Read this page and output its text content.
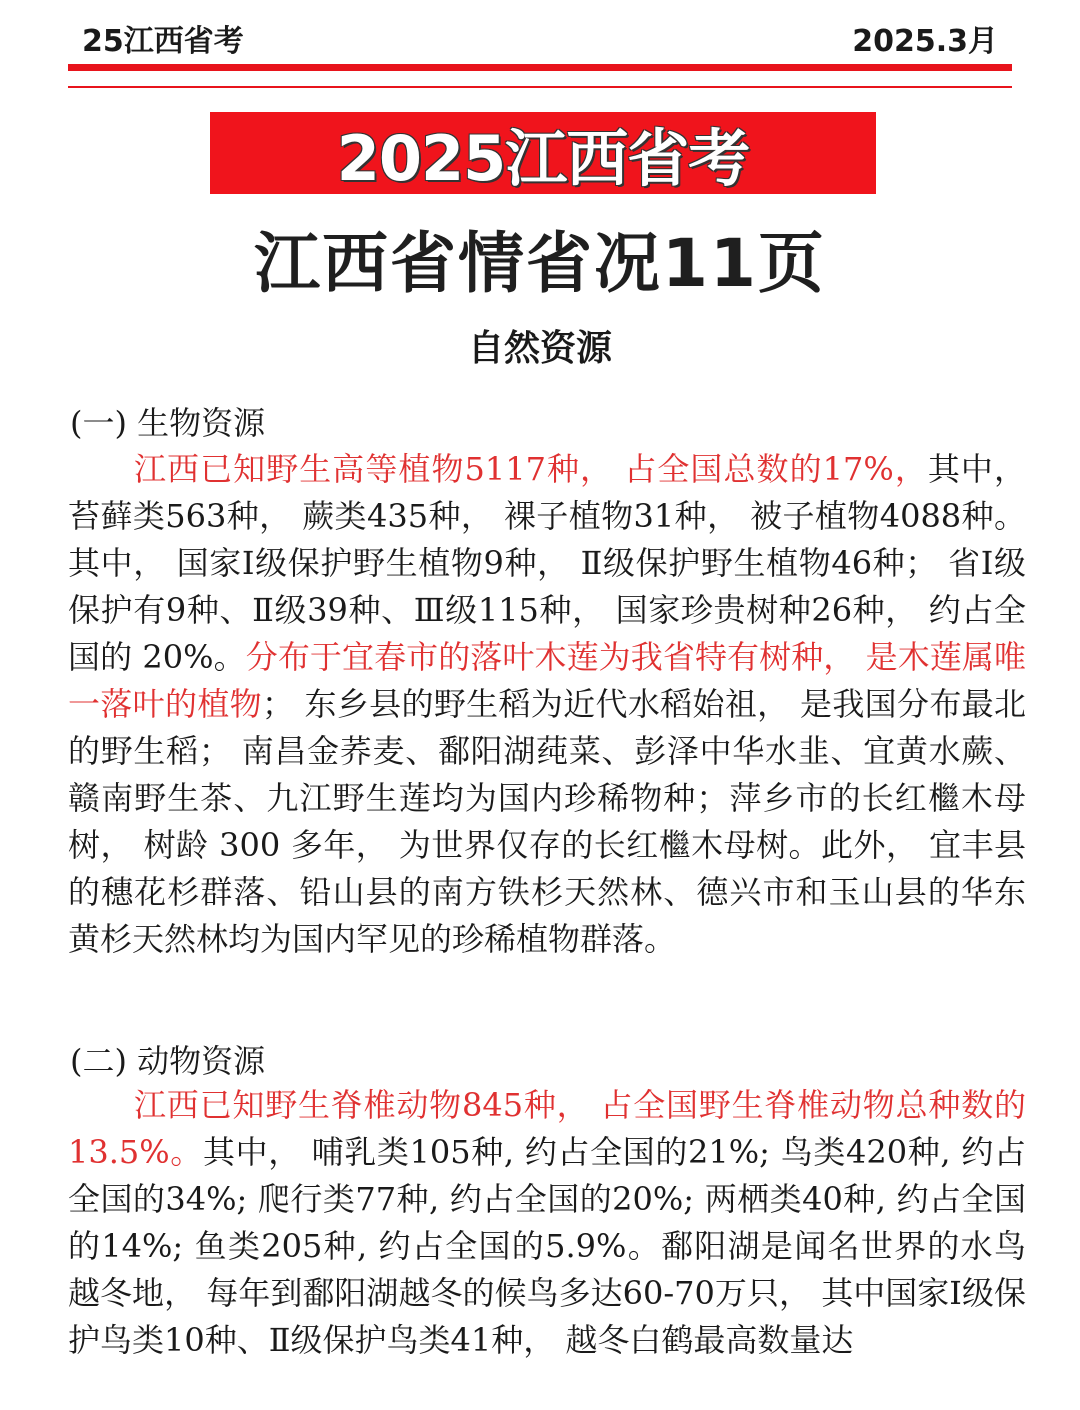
25江西省考	2025.3月
2025江西省考
江西省情省况11页
自然资源
(一) 生物资源
江西已知野生高等植物5117种， 占全国总数的17%，其中， 苔藓类563种， 蕨类435种， 裸子植物31种， 被子植物4088种。其中， 国家Ⅰ级保护野生植物9种， Ⅱ级保护野生植物46种； 省Ⅰ级保护有9种、Ⅱ级39种、Ⅲ级115种， 国家珍贵树种26种， 约占全国的 20%。分布于宜春市的落叶木莲为我省特有树种， 是木莲属唯一落叶的植物； 东乡县的野生稻为近代水稻始祖， 是我国分布最北的野生稻； 南昌金荞麦、鄱阳湖莼菜、彭泽中华水韭、宜黄水蕨、赣南野生茶、九江野生莲均为国内珍稀物种；萍乡市的长红檵木母树， 树龄 300 多年， 为世界仅存的长红檵木母树。此外， 宜丰县的穗花杉群落、铅山县的南方铁杉天然林、德兴市和玉山县的华东黄杉天然林均为国内罕见的珍稀植物群落。
(二) 动物资源
江西已知野生脊椎动物845种， 占全国野生脊椎动物总种数的13.5%。其中， 哺乳类105种, 约占全国的21%; 鸟类420种, 约占全国的34%; 爬行类77种, 约占全国的20%; 两栖类40种, 约占全国的14%; 鱼类205种, 约占全国的5.9%。鄱阳湖是闻名世界的水鸟越冬地， 每年到鄱阳湖越冬的候鸟多达60-70万只， 其中国家Ⅰ级保护鸟类10种、Ⅱ级保护鸟类41种， 越冬白鹤最高数量达
